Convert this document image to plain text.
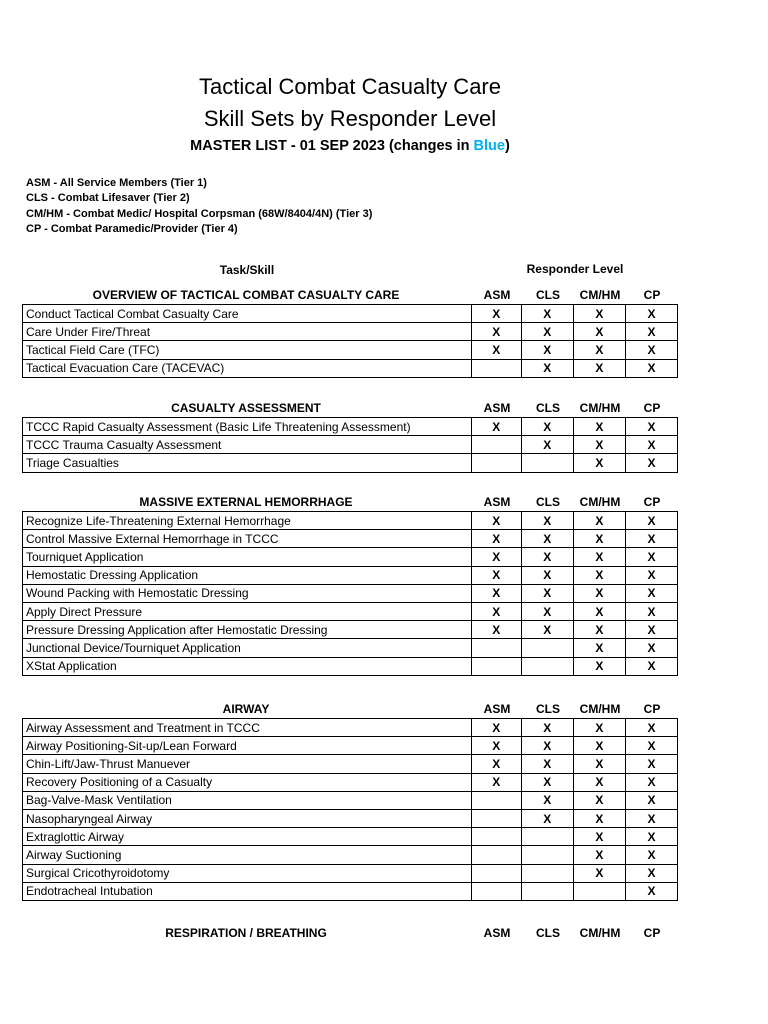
Tactical Combat Casualty Care
Skill Sets by Responder Level
MASTER LIST - 01 SEP 2023 (changes in Blue)
ASM - All Service Members (Tier 1)
CLS - Combat Lifesaver (Tier 2)
CM/HM - Combat Medic/ Hospital Corpsman (68W/8404/4N) (Tier 3)
CP - Combat Paramedic/Provider (Tier 4)
Task/Skill	Responder Level
OVERVIEW OF TACTICAL COMBAT CASUALTY CARE	ASM	CLS	CM/HM	CP
Conduct Tactical Combat Casualty Care	X	X	X	X
Care Under Fire/Threat	X	X	X	X
Tactical Field Care (TFC)	X	X	X	X
Tactical Evacuation Care (TACEVAC)		X	X	X
CASUALTY ASSESSMENT	ASM	CLS	CM/HM	CP
TCCC Rapid Casualty Assessment (Basic Life Threatening Assessment)	X	X	X	X
TCCC Trauma Casualty Assessment		X	X	X
Triage Casualties			X	X
MASSIVE EXTERNAL HEMORRHAGE	ASM	CLS	CM/HM	CP
Recognize Life-Threatening External Hemorrhage	X	X	X	X
Control Massive External Hemorrhage in TCCC	X	X	X	X
Tourniquet Application	X	X	X	X
Hemostatic Dressing Application	X	X	X	X
Wound Packing with Hemostatic Dressing	X	X	X	X
Apply Direct Pressure	X	X	X	X
Pressure Dressing Application after Hemostatic Dressing	X	X	X	X
Junctional Device/Tourniquet Application			X	X
XStat Application			X	X
AIRWAY	ASM	CLS	CM/HM	CP
Airway Assessment and Treatment in TCCC	X	X	X	X
Airway Positioning-Sit-up/Lean Forward	X	X	X	X
Chin-Lift/Jaw-Thrust Manuever	X	X	X	X
Recovery Positioning of a Casualty	X	X	X	X
Bag-Valve-Mask Ventilation		X	X	X
Nasopharyngeal Airway		X	X	X
Extraglottic Airway			X	X
Airway Suctioning			X	X
Surgical Cricothyroidotomy			X	X
Endotracheal Intubation				X
RESPIRATION / BREATHING	ASM	CLS	CM/HM	CP
